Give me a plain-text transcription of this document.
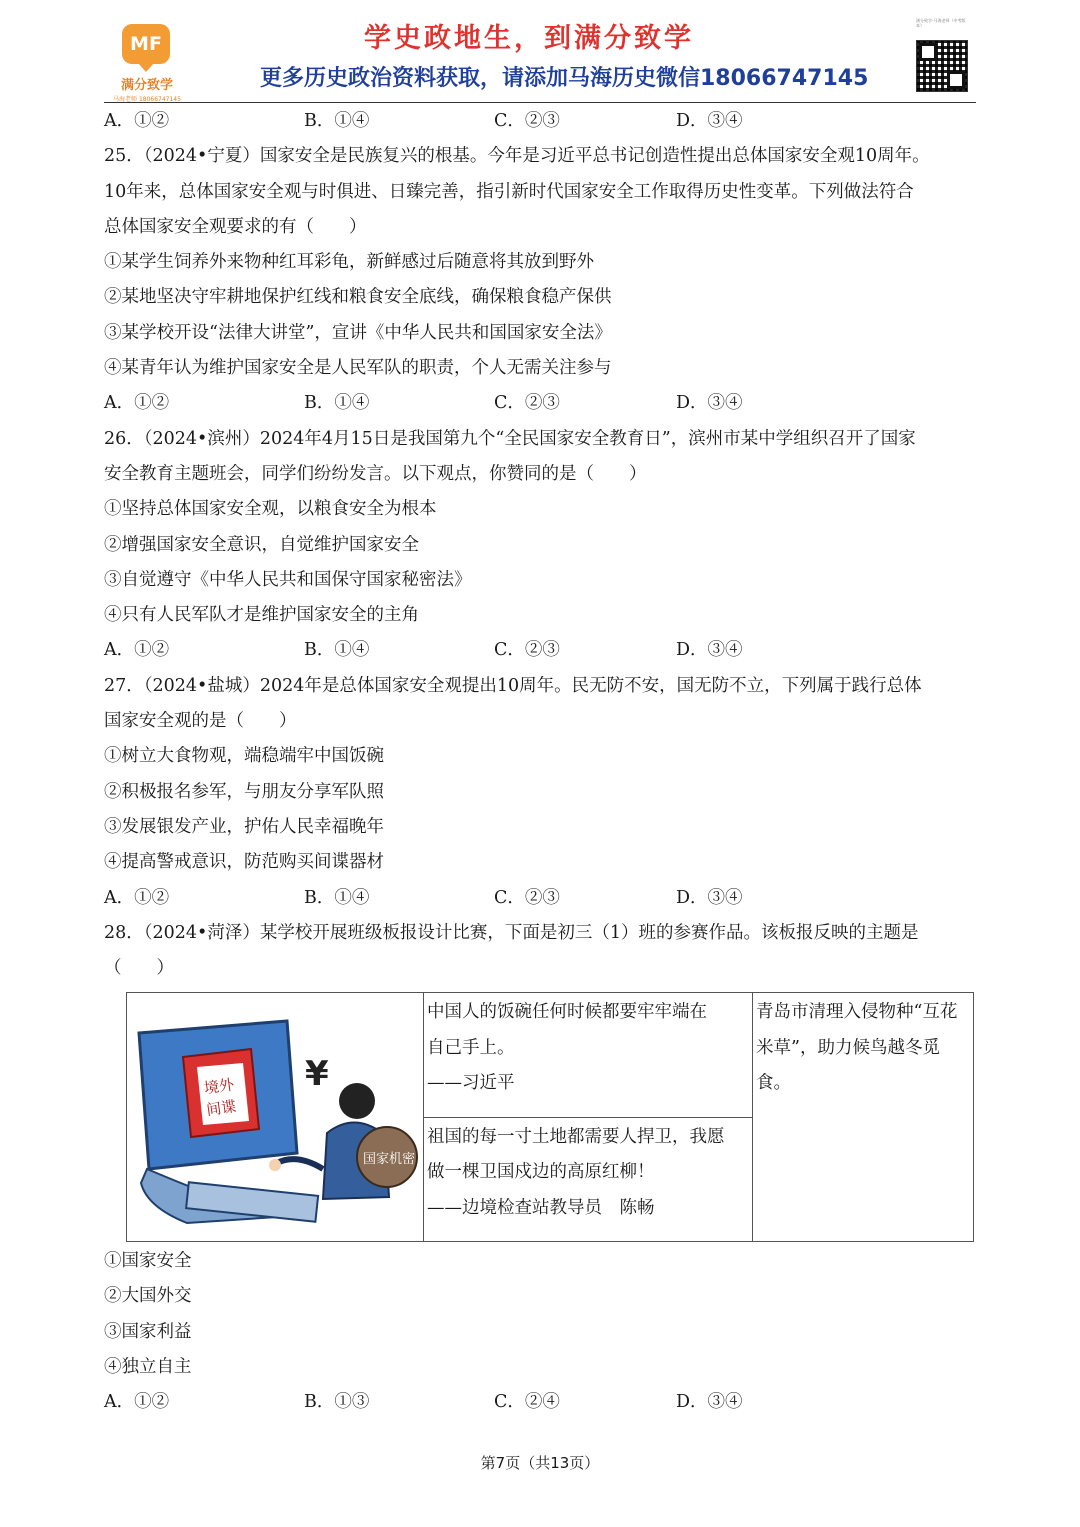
MF
满分致学
马海老师 18066747145
学史政地生，到满分致学
更多历史政治资料获取，请添加马海历史微信18066747145
满分致学-马海老师（中考版本）
A．①②	B．①④	C．②③	D．③④
25．（2024•宁夏）国家安全是民族复兴的根基。今年是习近平总书记创造性提出总体国家安全观10周年。
10年来，总体国家安全观与时俱进、日臻完善，指引新时代国家安全工作取得历史性变革。下列做法符合
总体国家安全观要求的有（　　）
①某学生饲养外来物种红耳彩龟，新鲜感过后随意将其放到野外
②某地坚决守牢耕地保护红线和粮食安全底线，确保粮食稳产保供
③某学校开设“法律大讲堂”，宣讲《中华人民共和国国家安全法》
④某青年认为维护国家安全是人民军队的职责，个人无需关注参与
A．①②	B．①④	C．②③	D．③④
26．（2024•滨州）2024年4月15日是我国第九个“全民国家安全教育日”，滨州市某中学组织召开了国家
安全教育主题班会，同学们纷纷发言。以下观点，你赞同的是（　　）
①坚持总体国家安全观，以粮食安全为根本
②增强国家安全意识，自觉维护国家安全
③自觉遵守《中华人民共和国保守国家秘密法》
④只有人民军队才是维护国家安全的主角
A．①②	B．①④	C．②③	D．③④
27．（2024•盐城）2024年是总体国家安全观提出10周年。民无防不安，国无防不立，下列属于践行总体
国家安全观的是（　　）
①树立大食物观，端稳端牢中国饭碗
②积极报名参军，与朋友分享军队照
③发展银发产业，护佑人民幸福晚年
④提高警戒意识，防范购买间谍器材
A．①②	B．①④	C．②③	D．③④
28．（2024•菏泽）某学校开展班级板报设计比赛，下面是初三（1）班的参赛作品。该板报反映的主题是
（　　）
境外
间谍
¥
国家机密

中国人的饭碗任何时候都要牢牢端在
自己手上。
——习近平

青岛市清理入侵物种“互花米草”，助力候鸟越冬觅食。

祖国的每一寸土地都需要人捍卫，我愿
做一棵卫国戍边的高原红柳！
——边境检查站教导员　陈畅
①国家安全
②大国外交
③国家利益
④独立自主
A．①②	B．①③	C．②④	D．③④
第7页（共13页）
